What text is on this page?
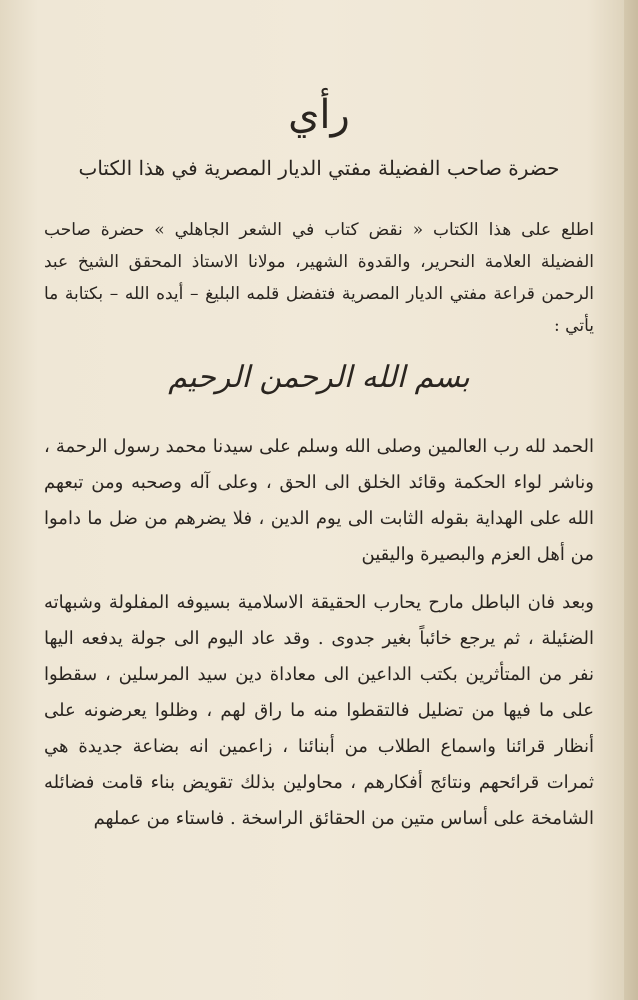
رأي
حضرة صاحب الفضيلة مفتي الديار المصرية في هذا الكتاب

اطلع على هذا الكتاب « نقض كتاب في الشعر الجاهلي » حضرة صاحب الفضيلة العلامة النحرير، والقدوة الشهير، مولانا الاستاذ المحقق الشيخ عبد الرحمن قراعة مفتي الديار المصرية فتفضل قلمه البليغ – أيده الله – بكتابة ما يأتي :

بسم الله الرحمن الرحيم

الحمد لله رب العالمين وصلى الله وسلم على سيدنا محمد رسول الرحمة ، وناشر لواء الحكمة وقائد الخلق الى الحق ، وعلى آله وصحبه ومن تبعهم الله على الهداية بقوله الثابت الى يوم الدين ، فلا يضرهم من ضل ما داموا من أهل العزم والبصيرة واليقين

وبعد فان الباطل مارح يحارب الحقيقة الاسلامية بسيوفه المفلولة وشبهاته الضئيلة ، ثم يرجع خائباً بغير جدوى . وقد عاد اليوم الى جولة يدفعه اليها نفر من المتأثرين بكتب الداعين الى معاداة دين سيد المرسلين ، سقطوا على ما فيها من تضليل فالتقطوا منه ما راق لهم ، وظلوا يعرضونه على أنظار قرائنا واسماع الطلاب من أبنائنا ، زاعمين انه بضاعة جديدة هي ثمرات قرائحهم ونتائج أفكارهم ، محاولين بذلك تقويض بناء قامت فضائله الشامخة على أساس متين من الحقائق الراسخة . فاستاء من عملهم
